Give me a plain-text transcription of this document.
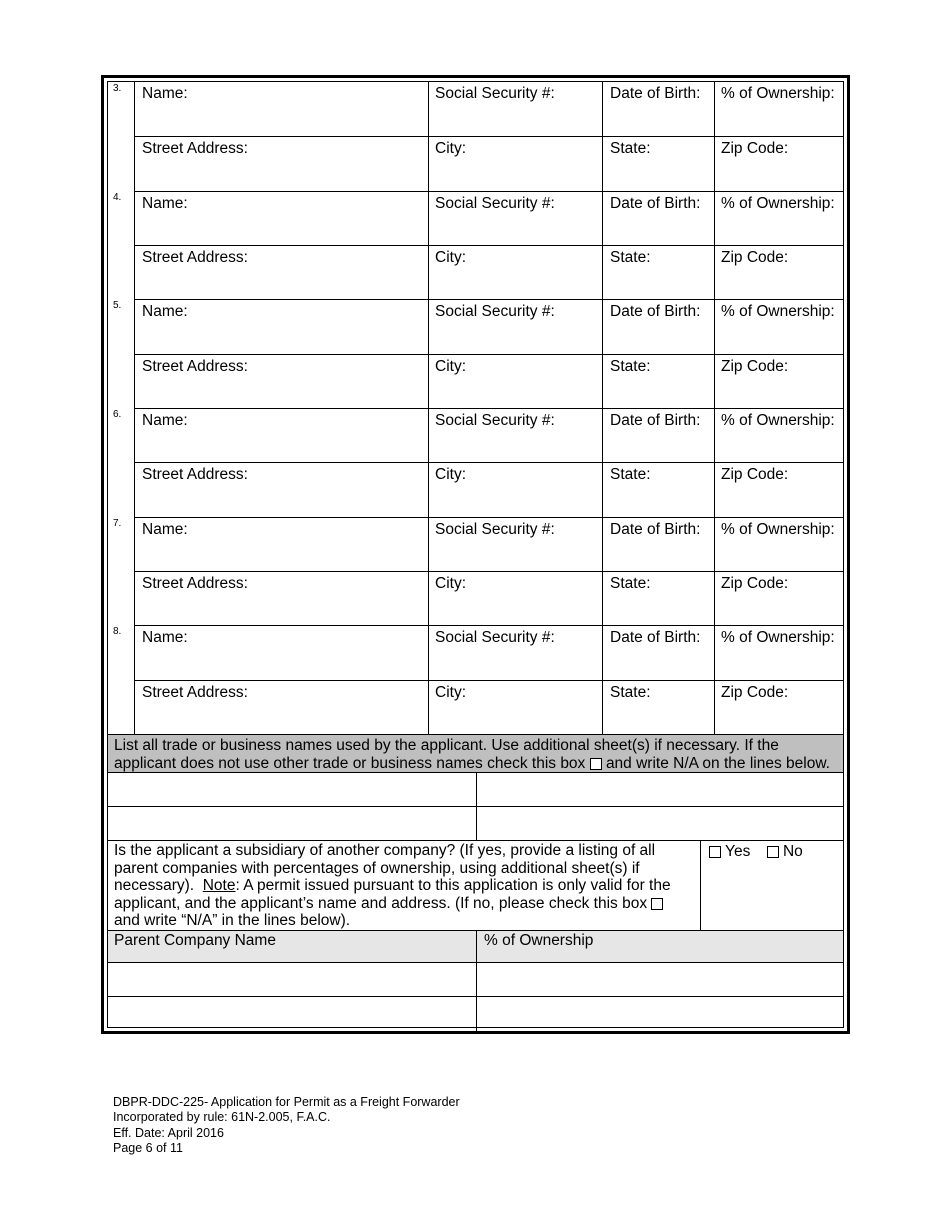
3. Name:	Social Security #:	Date of Birth: % of Ownership:
Street Address:	City:	State:	Zip Code:
4. Name:	Social Security #:	Date of Birth: % of Ownership:
Street Address:	City:	State:	Zip Code:
5. Name:	Social Security #:	Date of Birth: % of Ownership:
Street Address:	City:	State:	Zip Code:
6. Name:	Social Security #:	Date of Birth: % of Ownership:
Street Address:	City:	State:	Zip Code:
7. Name:	Social Security #:	Date of Birth: % of Ownership:
Street Address:	City:	State:	Zip Code:
8. Name:	Social Security #:	Date of Birth: % of Ownership:
Street Address:	City:	State:	Zip Code:
List all trade or business names used by the applicant. Use additional sheet(s) if necessary. If the
applicant does not use other trade or business names check this box and write N/A on the lines below.
Is the applicant a subsidiary of another company? (If yes, provide a listing of all
parent companies with percentages of ownership, using additional sheet(s) if
necessary).  Note: A permit issued pursuant to this application is only valid for the
applicant, and the applicant’s name and address. (If no, please check this box
and write “N/A” in the lines below).
Yes No
Parent Company Name	% of Ownership
DBPR-DDC-225- Application for Permit as a Freight Forwarder
Incorporated by rule: 61N-2.005, F.A.C.
Eff. Date: April 2016
Page 6 of 11
